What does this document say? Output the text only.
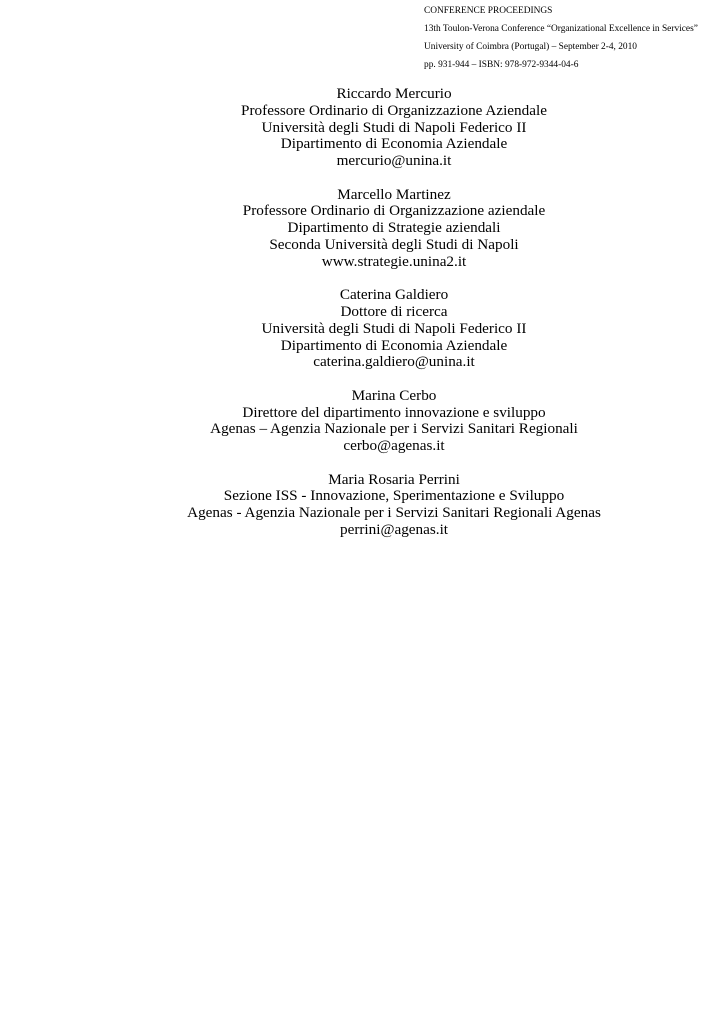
CONFERENCE PROCEEDINGS
13th Toulon-Verona Conference “Organizational Excellence in Services”
University of Coimbra (Portugal) – September 2-4, 2010
pp. 931-944 – ISBN: 978-972-9344-04-6
Riccardo Mercurio
Professore Ordinario di Organizzazione Aziendale
Università degli Studi di Napoli Federico II
Dipartimento di Economia Aziendale
mercurio@unina.it
Marcello Martinez
Professore Ordinario di Organizzazione aziendale
Dipartimento di Strategie aziendali
Seconda Università degli Studi di Napoli
www.strategie.unina2.it
Caterina Galdiero
Dottore di ricerca
Università degli Studi di Napoli Federico II
Dipartimento di Economia Aziendale
caterina.galdiero@unina.it
Marina Cerbo
Direttore del dipartimento innovazione e sviluppo
Agenas – Agenzia Nazionale per i Servizi Sanitari Regionali
cerbo@agenas.it
Maria Rosaria Perrini
Sezione ISS - Innovazione, Sperimentazione e Sviluppo
Agenas - Agenzia Nazionale per i Servizi Sanitari Regionali Agenas
perrini@agenas.it
